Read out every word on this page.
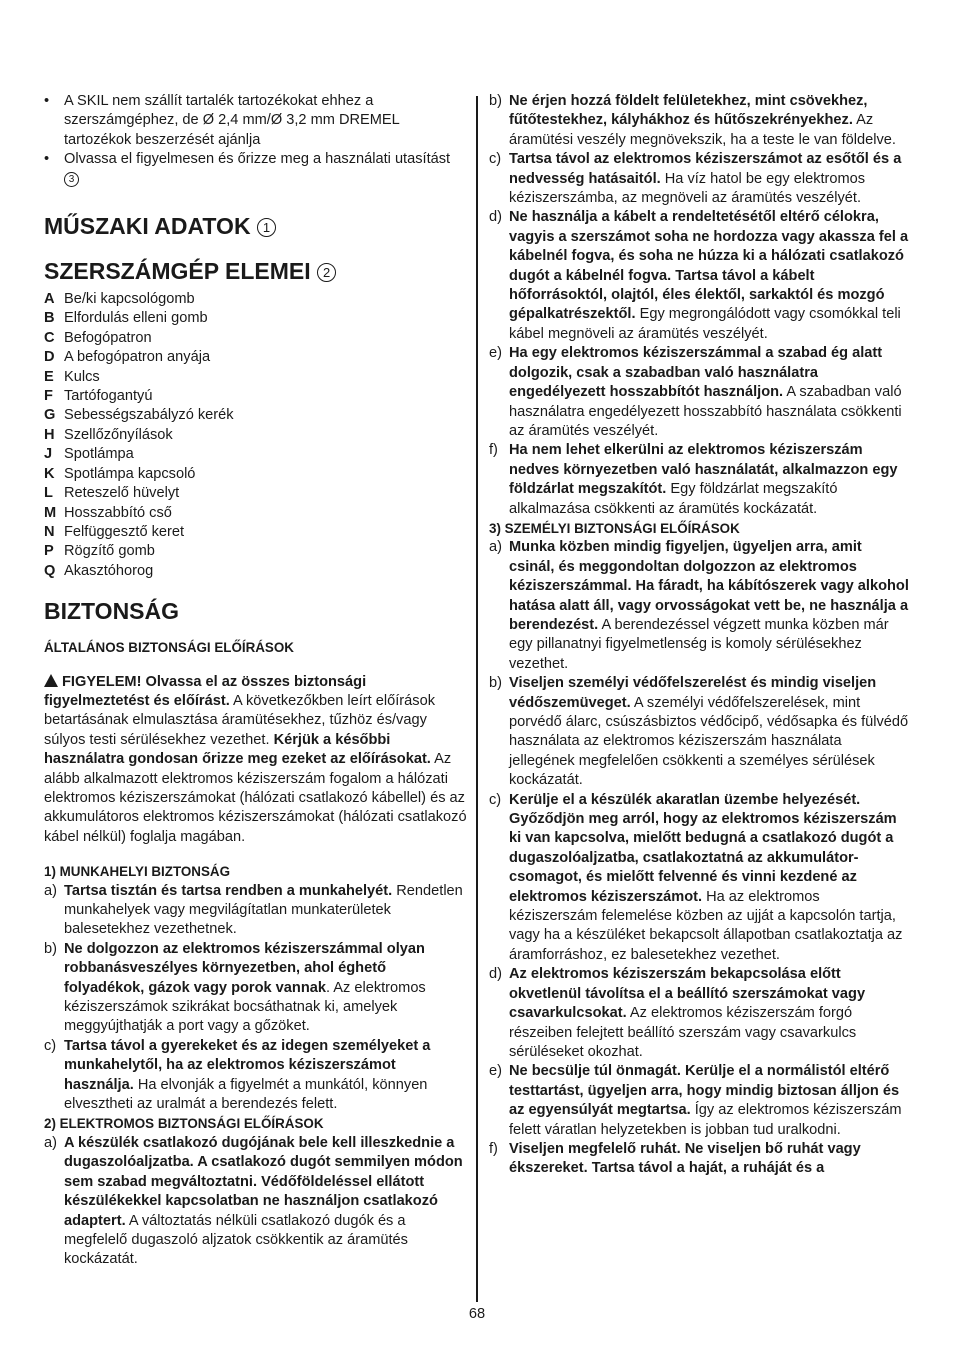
• A SKIL nem szállít tartalék tartozékokat ehhez a szerszámgéphez, de Ø 2,4 mm/Ø 3,2 mm DREMEL tartozékok beszerzését ajánlja
• Olvassa el figyelmesen és őrizze meg a használati utasítást 3
MŰSZAKI ADATOK 1
SZERSZÁMGÉP ELEMEI 2
A Be/ki kapcsológomb
B Elfordulás elleni gomb
C Befogópatron
D A befogópatron anyája
E Kulcs
F Tartófogantyú
G Sebességszabályzó kerék
H Szellőzőnyílások
J Spotlámpa
K Spotlámpa kapcsoló
L Reteszelő hüvelyt
M Hosszabbító cső
N Felfüggesztő keret
P Rögzítő gomb
Q Akasztóhorog
BIZTONSÁG
ÁLTALÁNOS BIZTONSÁGI ELŐÍRÁSOK
FIGYELEM! Olvassa el az összes biztonsági figyelmeztetést és előírást. A következőkben leírt előírások betartásának elmulasztása áramütésekhez, tűzhöz és/vagy súlyos testi sérülésekhez vezethet. Kérjük a későbbi használatra gondosan őrizze meg ezeket az előírásokat. Az alább alkalmazott elektromos kéziszerszám fogalom a hálózati elektromos kéziszerszámokat (hálózati csatlakozó kábellel) és az akkumulátoros elektromos kéziszerszámokat (hálózati csatlakozó kábel nélkül) foglalja magában.
1) MUNKAHELYI BIZTONSÁG
a) Tartsa tisztán és tartsa rendben a munkahelyét. Rendetlen munkahelyek vagy megvilágítatlan munkaterületek balesetekhez vezethetnek.
b) Ne dolgozzon az elektromos kéziszerszámmal olyan robbanásveszélyes környezetben, ahol éghető folyadékok, gázok vagy porok vannak. Az elektromos kéziszerszámok szikrákat bocsáthatnak ki, amelyek meggyújthatják a port vagy a gőzöket.
c) Tartsa távol a gyerekeket és az idegen személyeket a munkahelytől, ha az elektromos kéziszerszámot használja. Ha elvonják a figyelmét a munkától, könnyen elvesztheti az uralmát a berendezés felett.
2) ELEKTROMOS BIZTONSÁGI ELŐÍRÁSOK
a) A készülék csatlakozó dugójának bele kell illeszkednie a dugaszolóaljzatba. A csatlakozó dugót semmilyen módon sem szabad megváltoztatni. Védőföldeléssel ellátott készülékekkel kapcsolatban ne használjon csatlakozó adaptert. A változtatás nélküli csatlakozó dugók és a megfelelő dugaszoló aljzatok csökkentik az áramütés kockázatát.
b) Ne érjen hozzá földelt felületekhez, mint csövekhez, fűtőtestekhez, kályhákhoz és hűtőszekrényekhez. Az áramütési veszély megnövekszik, ha a teste le van földelve.
c) Tartsa távol az elektromos kéziszerszámot az esőtől és a nedvesség hatásaitól. Ha víz hatol be egy elektromos kéziszerszámba, az megnöveli az áramütés veszélyét.
d) Ne használja a kábelt a rendeltetésétől eltérő célokra, vagyis a szerszámot soha ne hordozza vagy akassza fel a kábelnél fogva, és soha ne húzza ki a hálózati csatlakozó dugót a kábelnél fogva. Tartsa távol a kábelt hőforrásoktól, olajtól, éles élektől, sarkaktól és mozgó gépalkatrészektől. Egy megrongálódott vagy csomókkal teli kábel megnöveli az áramütés veszélyét.
e) Ha egy elektromos kéziszerszámmal a szabad ég alatt dolgozik, csak a szabadban való használatra engedélyezett hosszabbítót használjon. A szabadban való használatra engedélyezett hosszabbító használata csökkenti az áramütés veszélyét.
f) Ha nem lehet elkerülni az elektromos kéziszerszám nedves környezetben való használatát, alkalmazzon egy földzárlat megszakítót. Egy földzárlat megszakító alkalmazása csökkenti az áramütés kockázatát.
3) SZEMÉLYI BIZTONSÁGI ELŐÍRÁSOK
a) Munka közben mindig figyeljen, ügyeljen arra, amit csinál, és meggondoltan dolgozzon az elektromos kéziszerszámmal. Ha fáradt, ha kábítószerek vagy alkohol hatása alatt áll, vagy orvosságokat vett be, ne használja a berendezést. A berendezéssel végzett munka közben már egy pillanatnyi figyelmetlenség is komoly sérülésekhez vezethet.
b) Viseljen személyi védőfelszerelést és mindig viseljen védőszemüveget. A személyi védőfelszerelések, mint porvédő álarc, csúszásbiztos védőcipő, védősapka és fülvédő használata az elektromos kéziszerszám használata jellegének megfelelően csökkenti a személyes sérülések kockázatát.
c) Kerülje el a készülék akaratlan üzembe helyezését. Győződjön meg arról, hogy az elektromos kéziszerszám ki van kapcsolva, mielőtt bedugná a csatlakozó dugót a dugaszolóaljzatba, csatlakoztatná az akkumulátor-csomagot, és mielőtt felvenné és vinni kezdené az elektromos kéziszerszámot. Ha az elektromos kéziszerszám felemelése közben az ujját a kapcsolón tartja, vagy ha a készüléket bekapcsolt állapotban csatlakoztatja az áramforráshoz, ez balesetekhez vezethet.
d) Az elektromos kéziszerszám bekapcsolása előtt okvetlenül távolítsa el a beállító szerszámokat vagy csavarkulcsokat. Az elektromos kéziszerszám forgó részeiben felejtett beállító szerszám vagy csavarkulcs sérüléseket okozhat.
e) Ne becsülje túl önmagát. Kerülje el a normálistól eltérő testtartást, ügyeljen arra, hogy mindig biztosan álljon és az egyensúlyát megtartsa. Így az elektromos kéziszerszám felett váratlan helyzetekben is jobban tud uralkodni.
f) Viseljen megfelelő ruhát. Ne viseljen bő ruhát vagy ékszereket. Tartsa távol a haját, a ruháját és a
68
